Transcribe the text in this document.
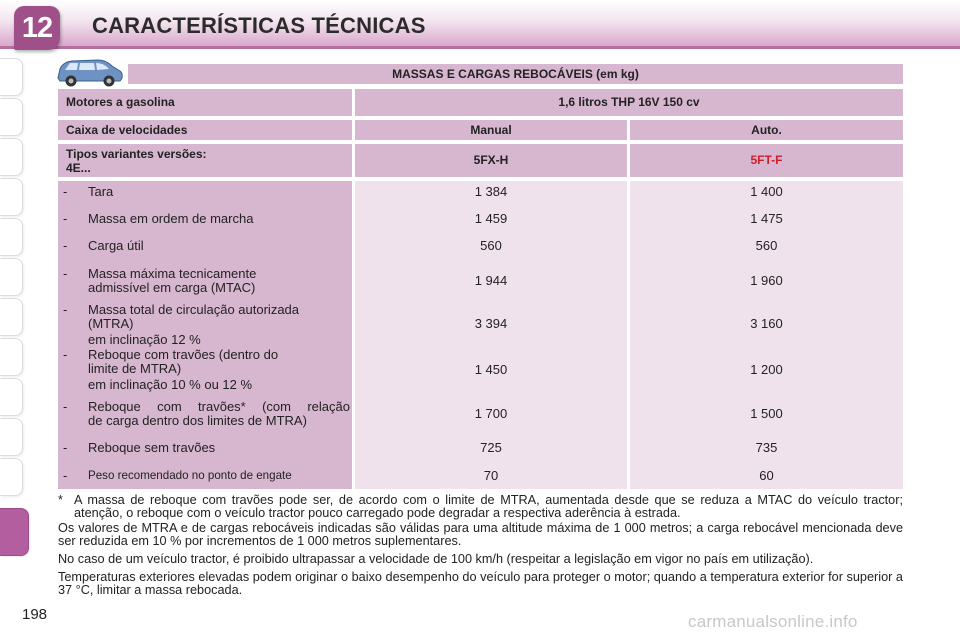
12	CARACTERÍSTICAS TÉCNICAS
MASSAS E CARGAS REBOCÁVEIS (em kg)
Motores a gasolina	1,6 litros THP 16V 150 cv
Caixa de velocidades	Manual	Auto.
Tipos variantes versões:
4E...
5FX-H	5FT-F
- Tara	1 384	1 400
- Massa em ordem de marcha	1 459	1 475
- Carga útil	560	560
- Massa máxima tecnicamente
admissível em carga (MTAC)	1 944	1 960
- Massa total de circulação autorizada
(MTRA)
em inclinação 12 %
3 394	3 160
- Reboque com travões (dentro do
limite de MTRA)
em inclinação 10 % ou 12 %
1 450	1 200
- Reboque com travões* (com relação
de carga dentro dos limites de MTRA)	1 700	1 500
- Reboque sem travões	725	735
- Peso recomendado no ponto de engate	70	60

* A massa de reboque com travões pode ser, de acordo com o limite de MTRA, aumentada desde que se reduza a MTAC do veículo tractor; atenção, o reboque com o veículo tractor pouco carregado pode degradar a respectiva aderência à estrada.

Os valores de MTRA e de cargas rebocáveis indicadas são válidas para uma altitude máxima de 1 000 metros; a carga rebocável mencionada deve ser reduzida em 10 % por incrementos de 1 000 metros suplementares.

No caso de um veículo tractor, é proibido ultrapassar a velocidade de 100 km/h (respeitar a legislação em vigor no país em utilização).

Temperaturas exteriores elevadas podem originar o baixo desempenho do veículo para proteger o motor; quando a temperatura exterior for superior a 37 °C, limitar a massa rebocada.

198	carmanualsonline.info
